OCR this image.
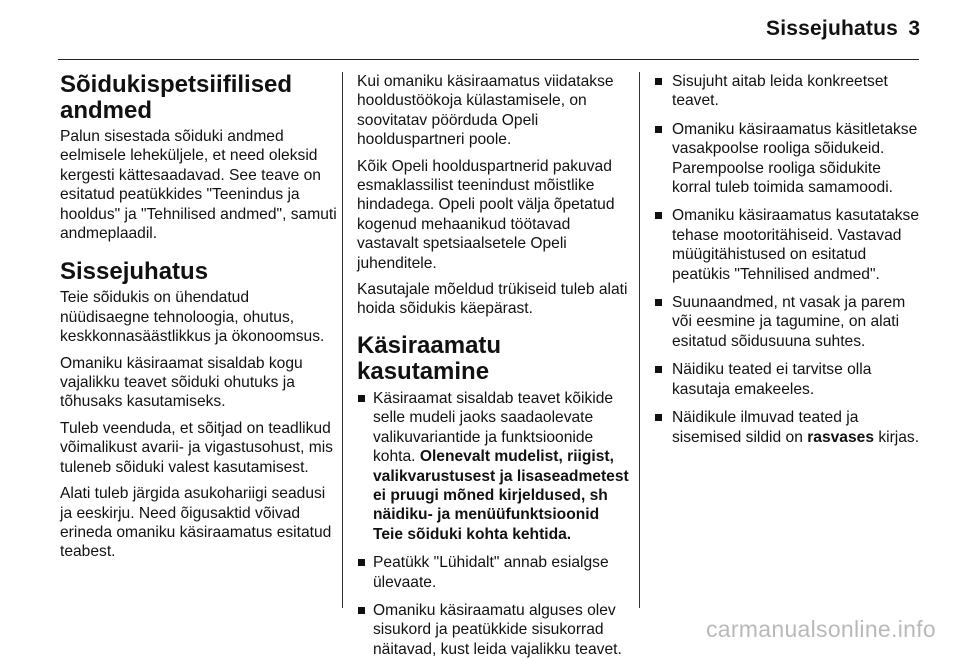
Sissejuhatus 3
Sõidukispetsiifilised andmed

Palun sisestada sõiduki andmed eelmisele leheküljele, et need oleksid kergesti kättesaadavad. See teave on esitatud peatükkides "Teenindus ja hooldus" ja "Tehnilised andmed", samuti andmeplaadil.

Sissejuhatus

Teie sõidukis on ühendatud nüüdisaegne tehnoloogia, ohutus, keskkonnasäästlikkus ja ökonoomsus.

Omaniku käsiraamat sisaldab kogu vajalikku teavet sõiduki ohutuks ja tõhusaks kasutamiseks.

Tuleb veenduda, et sõitjad on teadlikud võimalikust avarii- ja vigastusohust, mis tuleneb sõiduki valest kasutamisest.

Alati tuleb järgida asukohariigi seadusi ja eeskirju. Need õigusaktid võivad erineda omaniku käsiraamatus esitatud teabest.

Kui omaniku käsiraamatus viidatakse hooldustöökoja külastamisele, on soovitatav pöörduda Opeli hoolduspartneri poole.

Kõik Opeli hoolduspartnerid pakuvad esmaklassilist teenindust mõistlike hindadega. Opeli poolt välja õpetatud kogenud mehaanikud töötavad vastavalt spetsiaalsetele Opeli juhenditele.

Kasutajale mõeldud trükiseid tuleb alati hoida sõidukis käepärast.

Käsiraamatu kasutamine
Käsiraamat sisaldab teavet kõikide selle mudeli jaoks saadaolevate valikuvariantide ja funktsioonide kohta. Olenevalt mudelist, riigist, valikvarustusest ja lisaseadmetest ei pruugi mõned kirjeldused, sh näidiku- ja menüüfunktsioonid Teie sõiduki kohta kehtida.
Peatükk "Lühidalt" annab esialgse ülevaate.
Omaniku käsiraamatu alguses olev sisukord ja peatükkide sisukorrad näitavad, kust leida vajalikku teavet.
Sisujuht aitab leida konkreetset teavet.
Omaniku käsiraamatus käsitletakse vasakpoolse rooliga sõidukeid. Parempoolse rooliga sõidukite korral tuleb toimida samamoodi.
Omaniku käsiraamatus kasutatakse tehase mootoritähiseid. Vastavad müügitähistused on esitatud peatükis "Tehnilised andmed".
Suunaandmed, nt vasak ja parem või eesmine ja tagumine, on alati esitatud sõidusuuna suhtes.
Näidiku teated ei tarvitse olla kasutaja emakeeles.
Näidikule ilmuvad teated ja sisemised sildid on rasvases kirjas.
carmanualsonline.info
